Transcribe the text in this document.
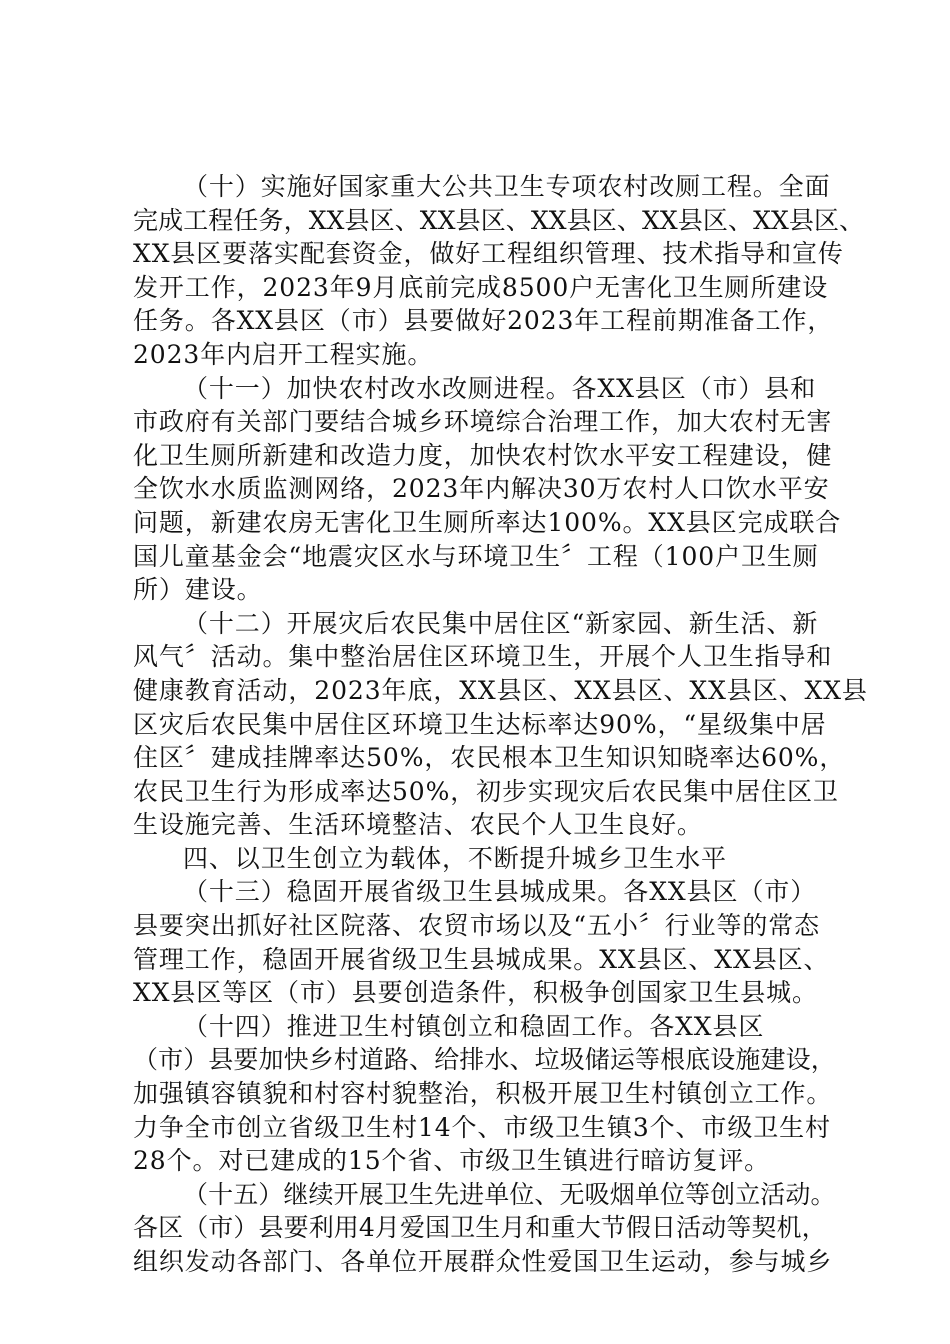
（十）实施好国家重大公共卫生专项农村改厕工程。全面
完成工程任务，XX县区、XX县区、XX县区、XX县区、XX县区、
XX县区要落实配套资金，做好工程组织管理、技术指导和宣传
发开工作，2023年9月底前完成8500户无害化卫生厕所建设
任务。各XX县区（市）县要做好2023年工程前期准备工作，
2023年内启开工程实施。
（十一）加快农村改水改厕进程。各XX县区（市）县和
市政府有关部门要结合城乡环境综合治理工作，加大农村无害
化卫生厕所新建和改造力度，加快农村饮水平安工程建设，健
全饮水水质监测网络，2023年内解决30万农村人口饮水平安
问题，新建农房无害化卫生厕所率达100%。XX县区完成联合
国儿童基金会“地震灾区水与环境卫生〞工程（100户卫生厕
所）建设。
（十二）开展灾后农民集中居住区“新家园、新生活、新
风气〞活动。集中整治居住区环境卫生，开展个人卫生指导和
健康教育活动，2023年底，XX县区、XX县区、XX县区、XX县
区灾后农民集中居住区环境卫生达标率达90%，“星级集中居
住区〞建成挂牌率达50%，农民根本卫生知识知晓率达60%，
农民卫生行为形成率达50%，初步实现灾后农民集中居住区卫
生设施完善、生活环境整洁、农民个人卫生良好。
四、以卫生创立为载体，不断提升城乡卫生水平
（十三）稳固开展省级卫生县城成果。各XX县区（市）
县要突出抓好社区院落、农贸市场以及“五小〞行业等的常态
管理工作，稳固开展省级卫生县城成果。XX县区、XX县区、
XX县区等区（市）县要创造条件，积极争创国家卫生县城。
（十四）推进卫生村镇创立和稳固工作。各XX县区
（市）县要加快乡村道路、给排水、垃圾储运等根底设施建设，
加强镇容镇貌和村容村貌整治，积极开展卫生村镇创立工作。
力争全市创立省级卫生村14个、市级卫生镇3个、市级卫生村
28个。对已建成的15个省、市级卫生镇进行暗访复评。
（十五）继续开展卫生先进单位、无吸烟单位等创立活动。
各区（市）县要利用4月爱国卫生月和重大节假日活动等契机，
组织发动各部门、各单位开展群众性爱国卫生运动，参与城乡
